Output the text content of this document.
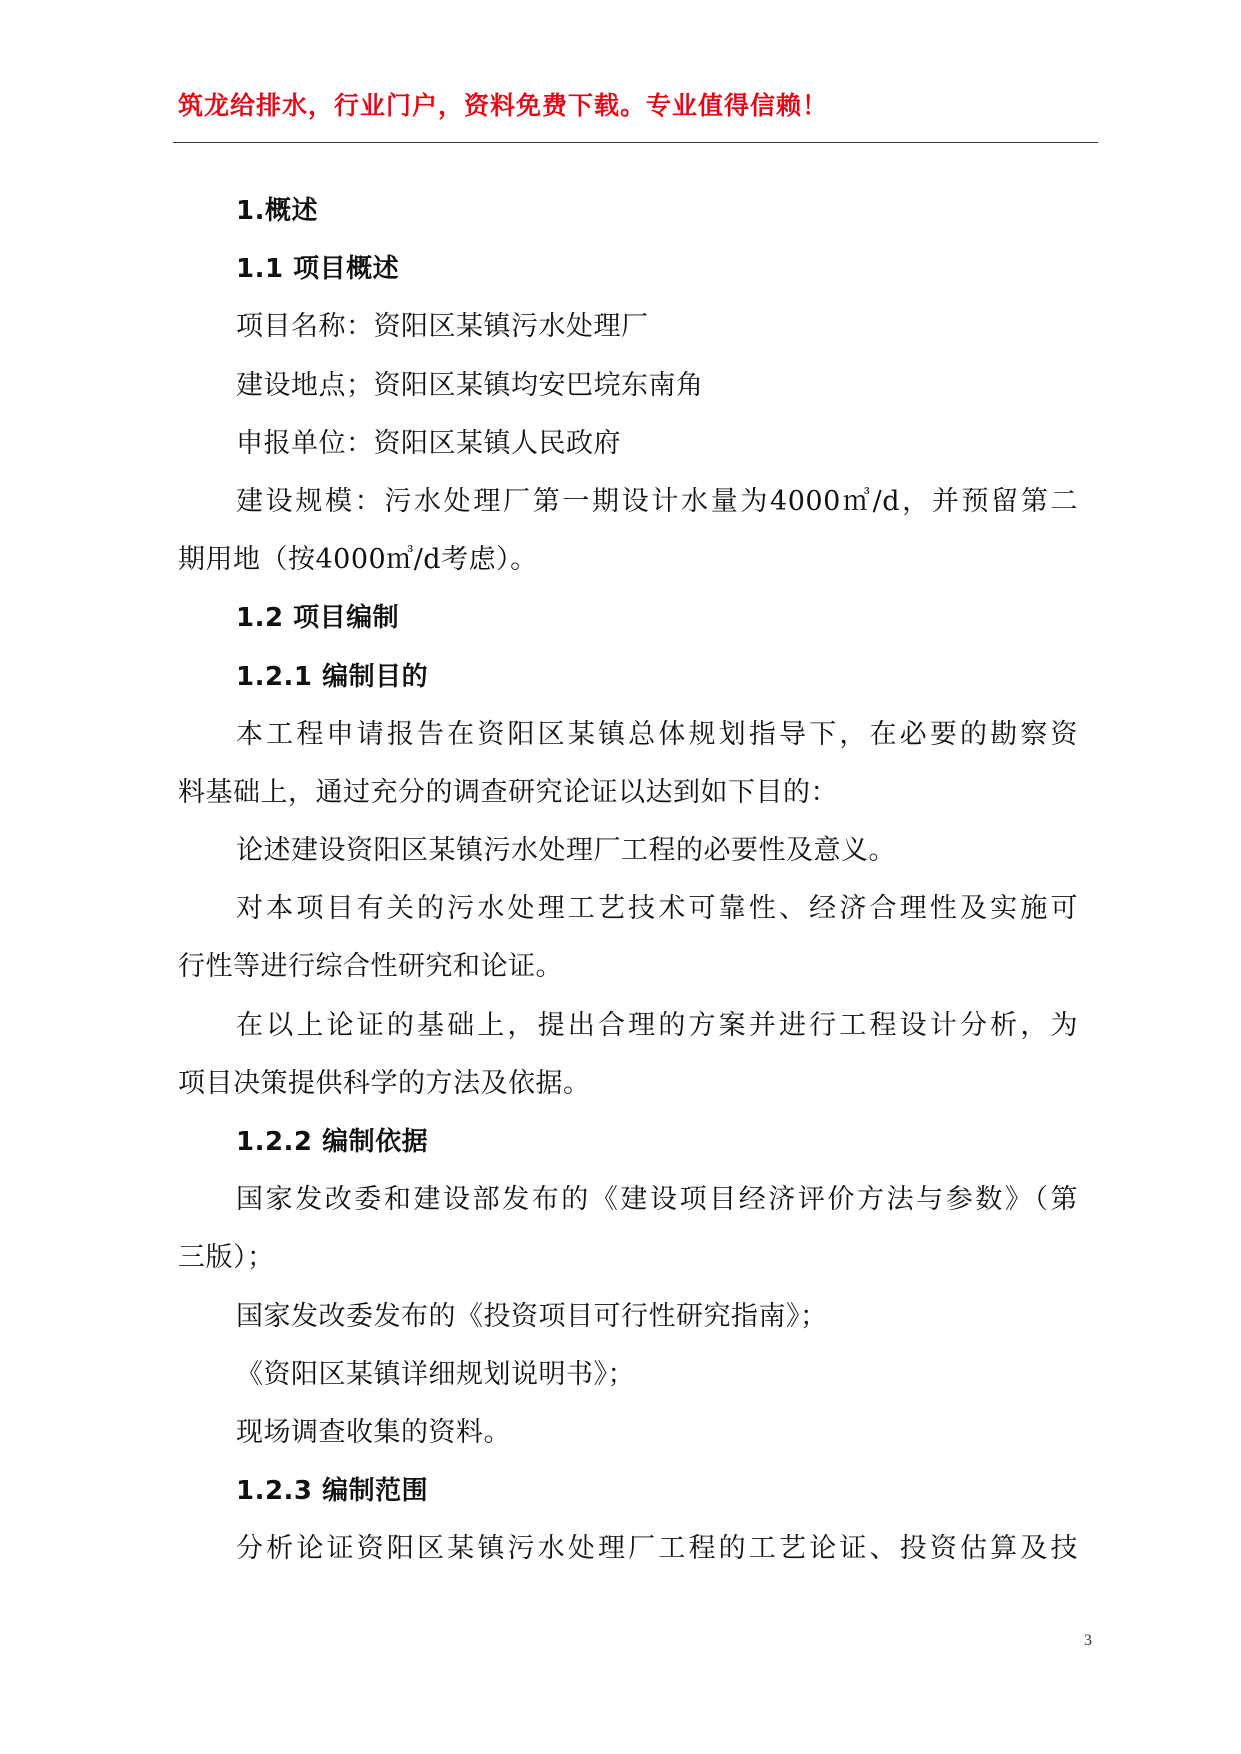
筑龙给排水，行业门户，资料免费下载。专业值得信赖！
1.概述
1.1 项目概述
项目名称：资阳区某镇污水处理厂
建设地点；资阳区某镇均安巴垸东南角
申报单位：资阳区某镇人民政府
建设规模：污水处理厂第一期设计水量为4000㎥/d，并预留第二
期用地（按4000㎥/d考虑）。
1.2 项目编制
1.2.1 编制目的
本工程申请报告在资阳区某镇总体规划指导下，在必要的勘察资
料基础上，通过充分的调查研究论证以达到如下目的：
论述建设资阳区某镇污水处理厂工程的必要性及意义。
对本项目有关的污水处理工艺技术可靠性、经济合理性及实施可
行性等进行综合性研究和论证。
在以上论证的基础上，提出合理的方案并进行工程设计分析，为
项目决策提供科学的方法及依据。
1.2.2 编制依据
国家发改委和建设部发布的《建设项目经济评价方法与参数》（第
三版）；
国家发改委发布的《投资项目可行性研究指南》；
《资阳区某镇详细规划说明书》；
现场调查收集的资料。
1.2.3 编制范围
分析论证资阳区某镇污水处理厂工程的工艺论证、投资估算及技
3
